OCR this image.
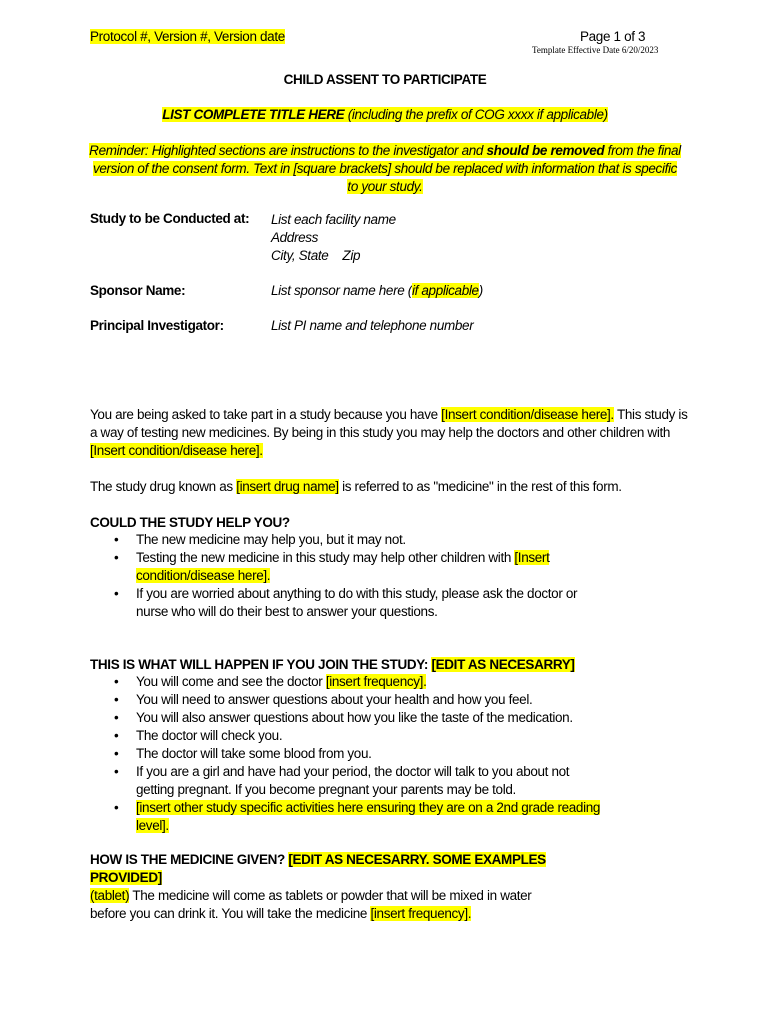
Protocol #, Version #, Version date	Page 1 of 3
Template Effective Date 6/20/2023
CHILD ASSENT TO PARTICIPATE
LIST COMPLETE TITLE HERE (including the prefix of COG xxxx if applicable)
Reminder: Highlighted sections are instructions to the investigator and should be removed from the final version of the consent form. Text in [square brackets] should be replaced with information that is specific to your study.
Study to be Conducted at: List each facility name
Address
City, State Zip
Sponsor Name:	List sponsor name here (if applicable)
Principal Investigator:	List PI name and telephone number
You are being asked to take part in a study because you have [Insert condition/disease here]. This study is a way of testing new medicines. By being in this study you may help the doctors and other children with [Insert condition/disease here].
The study drug known as [insert drug name] is referred to as "medicine" in the rest of this form.
COULD THE STUDY HELP YOU?
• The new medicine may help you, but it may not.
• Testing the new medicine in this study may help other children with [Insert condition/disease here].
• If you are worried about anything to do with this study, please ask the doctor or nurse who will do their best to answer your questions.
THIS IS WHAT WILL HAPPEN IF YOU JOIN THE STUDY: [EDIT AS NECESARRY]
• You will come and see the doctor [insert frequency].
• You will need to answer questions about your health and how you feel.
• You will also answer questions about how you like the taste of the medication.
• The doctor will check you.
• The doctor will take some blood from you.
• If you are a girl and have had your period, the doctor will talk to you about not getting pregnant. If you become pregnant your parents may be told.
• [insert other study specific activities here ensuring they are on a 2nd grade reading level].
HOW IS THE MEDICINE GIVEN? [EDIT AS NECESARRY. SOME EXAMPLES PROVIDED]
(tablet) The medicine will come as tablets or powder that will be mixed in water before you can drink it. You will take the medicine [insert frequency].
